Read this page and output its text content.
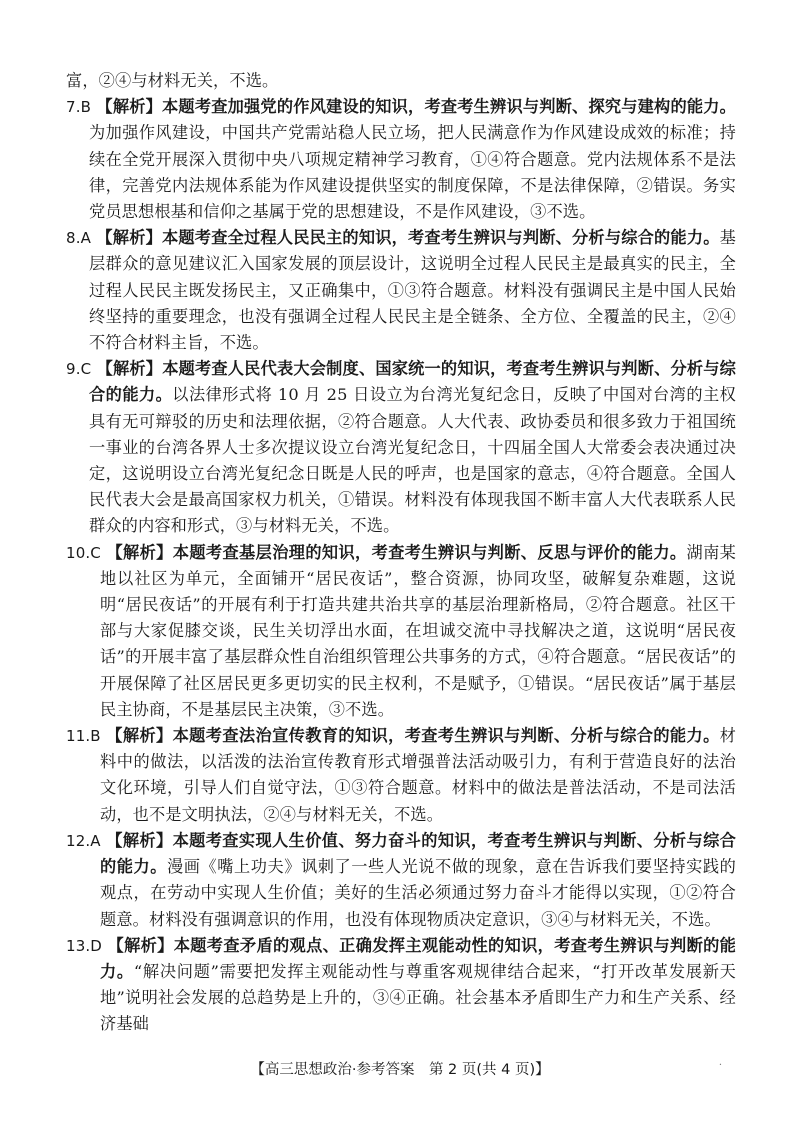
富，②④与材料无关，不选。

7.B 【解析】本题考查加强党的作风建设的知识，考查考生辨识与判断、探究与建构的能力。为加强作风建设，中国共产党需站稳人民立场，把人民满意作为作风建设成效的标准；持续在全党开展深入贯彻中央八项规定精神学习教育，①④符合题意。党内法规体系不是法律，完善党内法规体系能为作风建设提供坚实的制度保障，不是法律保障，②错误。务实党员思想根基和信仰之基属于党的思想建设，不是作风建设，③不选。

8.A 【解析】本题考查全过程人民民主的知识，考查考生辨识与判断、分析与综合的能力。基层群众的意见建议汇入国家发展的顶层设计，这说明全过程人民民主是最真实的民主，全过程人民民主既发扬民主，又正确集中，①③符合题意。材料没有强调民主是中国人民始终坚持的重要理念，也没有强调全过程人民民主是全链条、全方位、全覆盖的民主，②④不符合材料主旨，不选。

9.C 【解析】本题考查人民代表大会制度、国家统一的知识，考查考生辨识与判断、分析与综合的能力。以法律形式将 10 月 25 日设立为台湾光复纪念日，反映了中国对台湾的主权具有无可辩驳的历史和法理依据，②符合题意。人大代表、政协委员和很多致力于祖国统一事业的台湾各界人士多次提议设立台湾光复纪念日，十四届全国人大常委会表决通过决定，这说明设立台湾光复纪念日既是人民的呼声，也是国家的意志，④符合题意。全国人民代表大会是最高国家权力机关，①错误。材料没有体现我国不断丰富人大代表联系人民群众的内容和形式，③与材料无关，不选。

10.C 【解析】本题考查基层治理的知识，考查考生辨识与判断、反思与评价的能力。湖南某地以社区为单元，全面铺开“居民夜话”，整合资源，协同攻坚，破解复杂难题，这说明“居民夜话”的开展有利于打造共建共治共享的基层治理新格局，②符合题意。社区干部与大家促膝交谈，民生关切浮出水面，在坦诚交流中寻找解决之道，这说明“居民夜话”的开展丰富了基层群众性自治组织管理公共事务的方式，④符合题意。“居民夜话”的开展保障了社区居民更多更切实的民主权利，不是赋予，①错误。“居民夜话”属于基层民主协商，不是基层民主决策，③不选。

11.B 【解析】本题考查法治宣传教育的知识，考查考生辨识与判断、分析与综合的能力。材料中的做法，以活泼的法治宣传教育形式增强普法活动吸引力，有利于营造良好的法治文化环境，引导人们自觉守法，①③符合题意。材料中的做法是普法活动，不是司法活动，也不是文明执法，②④与材料无关，不选。

12.A 【解析】本题考查实现人生价值、努力奋斗的知识，考查考生辨识与判断、分析与综合的能力。漫画《嘴上功夫》讽刺了一些人光说不做的现象，意在告诉我们要坚持实践的观点，在劳动中实现人生价值；美好的生活必须通过努力奋斗才能得以实现，①②符合题意。材料没有强调意识的作用，也没有体现物质决定意识，③④与材料无关，不选。

13.D 【解析】本题考查矛盾的观点、正确发挥主观能动性的知识，考查考生辨识与判断的能力。“解决问题”需要把发挥主观能动性与尊重客观规律结合起来，“打开改革发展新天地”说明社会发展的总趋势是上升的，③④正确。社会基本矛盾即生产力和生产关系、经济基础

【高三思想政治·参考答案　第 2 页(共 4 页)】	·
